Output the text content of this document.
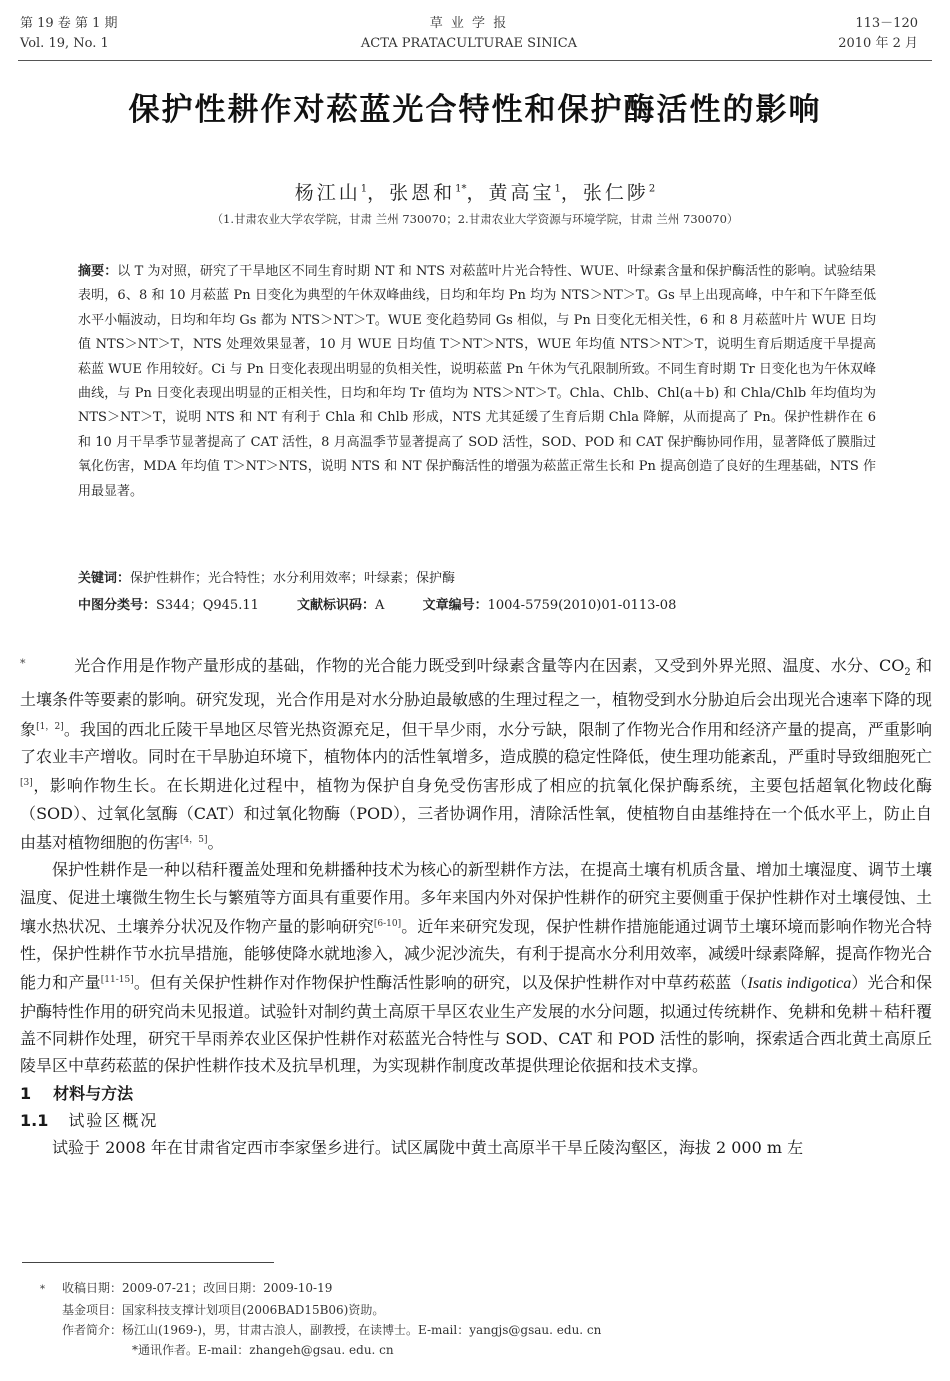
第 19 卷 第 1 期
Vol. 19, No. 1
草 业 学 报
ACTA PRATACULTURAE SINICA
113－120
2010 年 2 月
保护性耕作对菘蓝光合特性和保护酶活性的影响
杨江山$^1$，张恩和$^{1*}$，黄高宝$^1$，张仁陟$^2$
（1.甘肃农业大学农学院，甘肃 兰州 730070；2.甘肃农业大学资源与环境学院，甘肃 兰州 730070）
摘要：以 T 为对照，研究了干旱地区不同生育时期 NT 和 NTS 对菘蓝叶片光合特性、WUE、叶绿素含量和保护酶活性的影响。试验结果表明，6、8 和 10 月菘蓝 Pn 日变化为典型的午休双峰曲线，日均和年均 Pn 均为 NTS＞NT＞T。Gs 早上出现高峰，中午和下午降至低水平小幅波动，日均和年均 Gs 都为 NTS＞NT＞T。WUE 变化趋势同 Gs 相似，与 Pn 日变化无相关性，6 和 8 月菘蓝叶片 WUE 日均值 NTS＞NT＞T，NTS 处理效果显著，10 月 WUE 日均值 T＞NT＞NTS，WUE 年均值 NTS＞NT＞T，说明生育后期适度干旱提高菘蓝 WUE 作用较好。Ci 与 Pn 日变化表现出明显的负相关性，说明菘蓝 Pn 午休为气孔限制所致。不同生育时期 Tr 日变化也为午休双峰曲线，与 Pn 日变化表现出明显的正相关性，日均和年均 Tr 值均为 NTS＞NT＞T。Chla、Chlb、Chl(a＋b) 和 Chla/Chlb 年均值均为 NTS＞NT＞T，说明 NTS 和 NT 有利于 Chla 和 Chlb 形成，NTS 尤其延缓了生育后期 Chla 降解，从而提高了 Pn。保护性耕作在 6 和 10 月干旱季节显著提高了 CAT 活性，8 月高温季节显著提高了 SOD 活性，SOD、POD 和 CAT 保护酶协同作用，显著降低了膜脂过氧化伤害，MDA 年均值 T＞NT＞NTS，说明 NTS 和 NT 保护酶活性的增强为菘蓝正常生长和 Pn 提高创造了良好的生理基础，NTS 作用最显著。
关键词：保护性耕作；光合特性；水分利用效率；叶绿素；保护酶
中图分类号：S344；Q945.11	文献标识码：A	文章编号：1004-5759(2010)01-0113-08

*　	光合作用是作物产量形成的基础，作物的光合能力既受到叶绿素含量等内在因素，又受到外界光照、温度、水分、$CO_2$ 和土壤条件等要素的影响。研究发现，光合作用是对水分胁迫最敏感的生理过程之一，植物受到水分胁迫后会出现光合速率下降的现象[1，2]。我国的西北丘陵干旱地区尽管光热资源充足，但干旱少雨，水分亏缺，限制了作物光合作用和经济产量的提高，严重影响了农业丰产增收。同时在干旱胁迫环境下，植物体内的活性氧增多，造成膜的稳定性降低，使生理功能紊乱，严重时导致细胞死亡[3]，影响作物生长。在长期进化过程中，植物为保护自身免受伤害形成了相应的抗氧化保护酶系统，主要包括超氧化物歧化酶（SOD）、过氧化氢酶（CAT）和过氧化物酶（POD），三者协调作用，清除活性氧，使植物自由基维持在一个低水平上，防止自由基对植物细胞的伤害[4，5]。

保护性耕作是一种以秸秆覆盖处理和免耕播种技术为核心的新型耕作方法，在提高土壤有机质含量、增加土壤湿度、调节土壤温度、促进土壤微生物生长与繁殖等方面具有重要作用。多年来国内外对保护性耕作的研究主要侧重于保护性耕作对土壤侵蚀、土壤水热状况、土壤养分状况及作物产量的影响研究[6-10]。近年来研究发现，保护性耕作措施能通过调节土壤环境而影响作物光合特性，保护性耕作节水抗旱措施，能够使降水就地渗入，减少泥沙流失，有利于提高水分利用效率，减缓叶绿素降解，提高作物光合能力和产量[11-15]。但有关保护性耕作对作物保护性酶活性影响的研究，以及保护性耕作对中草药菘蓝（Isatis indigotica）光合和保护酶特性作用的研究尚未见报道。试验针对制约黄土高原干旱区农业生产发展的水分问题，拟通过传统耕作、免耕和免耕＋秸秆覆盖不同耕作处理，研究干旱雨养农业区保护性耕作对菘蓝光合特性与 SOD、CAT 和 POD 活性的影响，探索适合西北黄土高原丘陵旱区中草药菘蓝的保护性耕作技术及抗旱机理，为实现耕作制度改革提供理论依据和技术支撑。

1 材料与方法

1.1 试验区概况

试验于 2008 年在甘肃省定西市李家堡乡进行。试区属陇中黄土高原半干旱丘陵沟壑区，海拔 2 000 m 左

* 收稿日期：2009-07-21；改回日期：2009-10-19
基金项目：国家科技支撑计划项目(2006BAD15B06)资助。
作者简介：杨江山(1969-)，男，甘肃古浪人，副教授，在读博士。E-mail：yangjs@gsau. edu. cn
*通讯作者。E-mail：zhangeh@gsau. edu. cn
